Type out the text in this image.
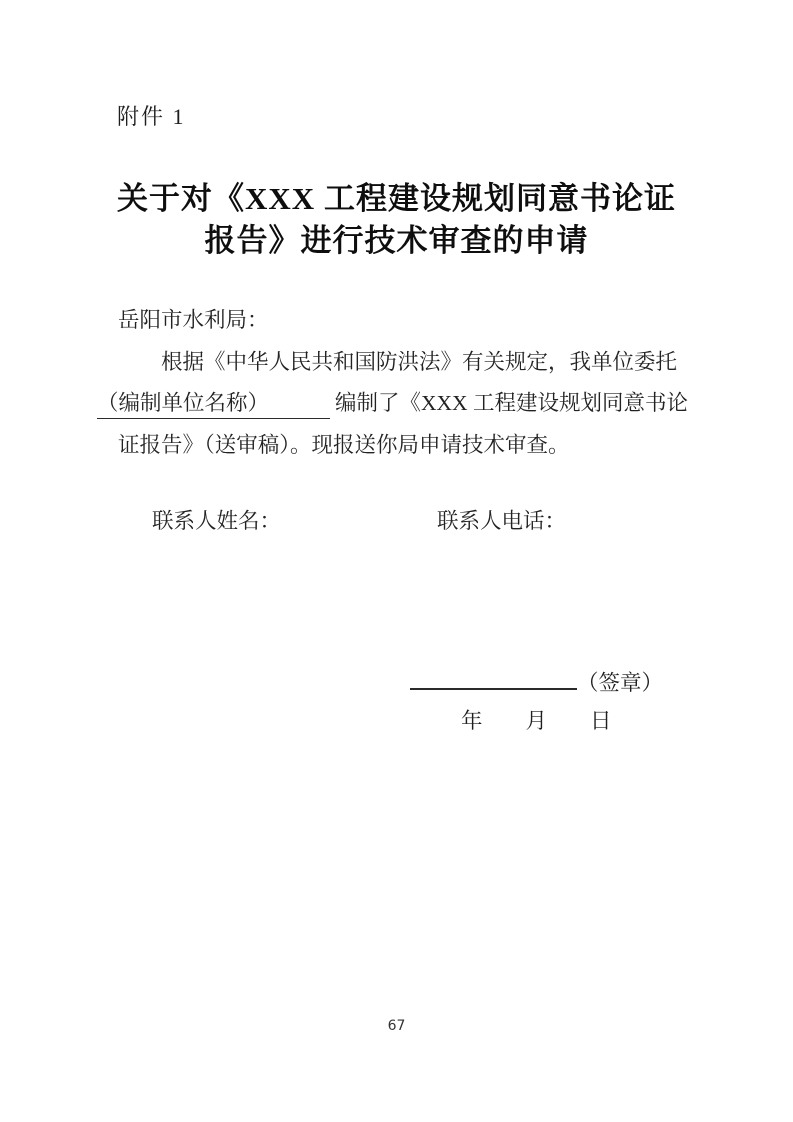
附件 1
关于对《XXX 工程建设规划同意书论证
报告》进行技术审查的申请
岳阳市水利局：
根据《中华人民共和国防洪法》有关规定，我单位委托
（编制单位名称）	编制了《XXX 工程建设规划同意书论
证报告》（送审稿）。现报送你局申请技术审查。
联系人姓名：	联系人电话：
（签章）
年　　月　　日
67
